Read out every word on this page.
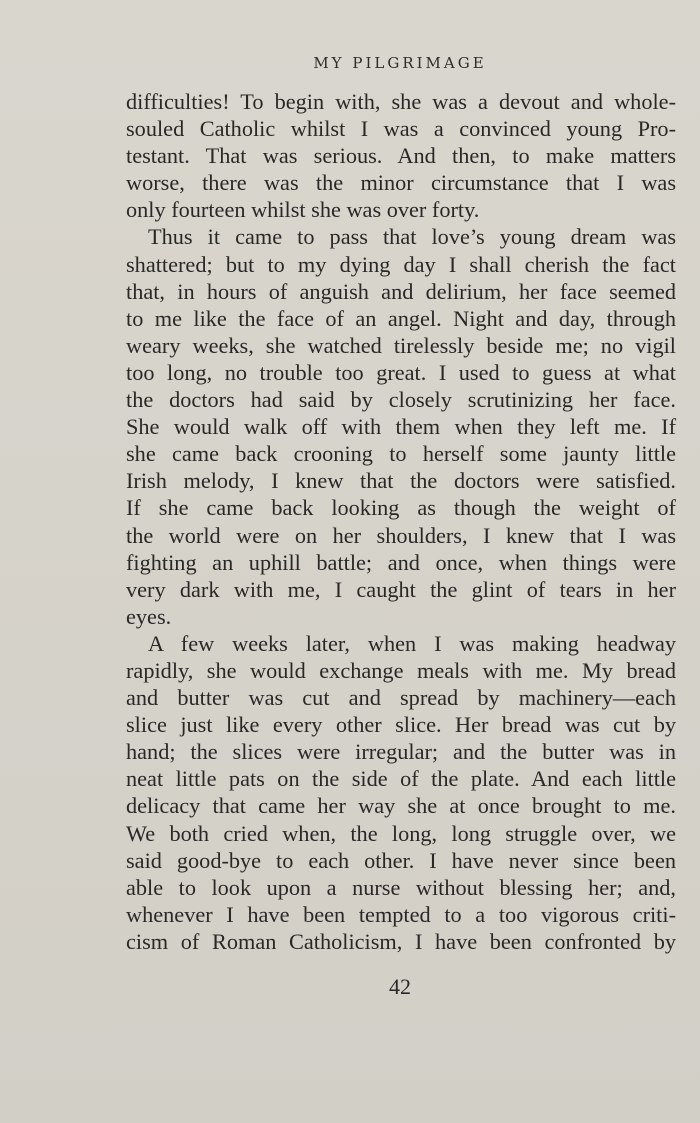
MY PILGRIMAGE
difficulties! To begin with, she was a devout and whole-
souled Catholic whilst I was a convinced young Pro-
testant. That was serious. And then, to make matters
worse, there was the minor circumstance that I was
only fourteen whilst she was over forty.
Thus it came to pass that love’s young dream was
shattered; but to my dying day I shall cherish the fact
that, in hours of anguish and delirium, her face seemed
to me like the face of an angel. Night and day, through
weary weeks, she watched tirelessly beside me; no vigil
too long, no trouble too great. I used to guess at what
the doctors had said by closely scrutinizing her face.
She would walk off with them when they left me. If
she came back crooning to herself some jaunty little
Irish melody, I knew that the doctors were satisfied.
If she came back looking as though the weight of
the world were on her shoulders, I knew that I was
fighting an uphill battle; and once, when things were
very dark with me, I caught the glint of tears in her
eyes.
A few weeks later, when I was making headway
rapidly, she would exchange meals with me. My bread
and butter was cut and spread by machinery—each
slice just like every other slice. Her bread was cut by
hand; the slices were irregular; and the butter was in
neat little pats on the side of the plate. And each little
delicacy that came her way she at once brought to me.
We both cried when, the long, long struggle over, we
said good-bye to each other. I have never since been
able to look upon a nurse without blessing her; and,
whenever I have been tempted to a too vigorous criti-
cism of Roman Catholicism, I have been confronted by
42
